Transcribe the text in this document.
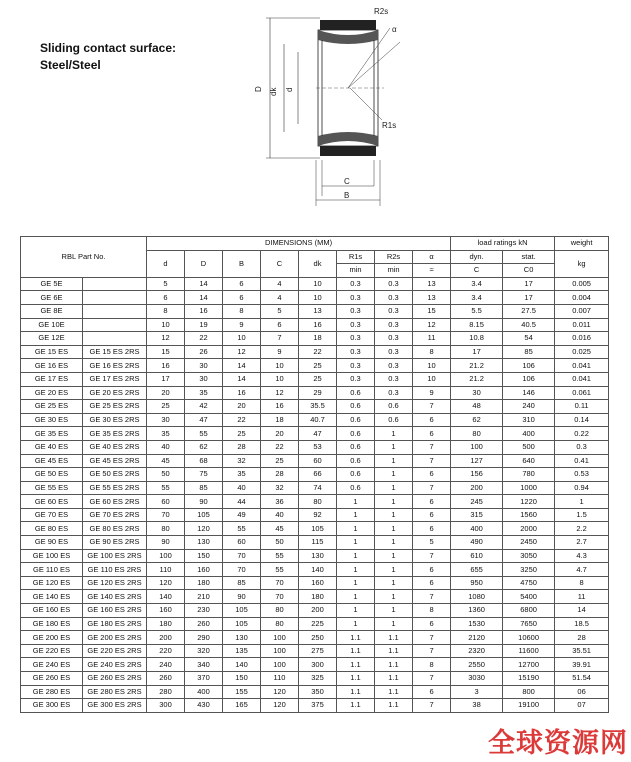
Sliding contact surface:
Steel/Steel
D dk d
C
B
R2s
R1s
α
RBL Part No.		DIMENSIONS (MM)								load ratings kN		weight
		d	D	B	C	dk	R1s	R2s	α	dyn.	stat.	kg
							min	min	≈	C	C0	
GE 5E		5	14	6	4	10	0.3	0.3	13	3.4	17	0.005
GE 6E		6	14	6	4	10	0.3	0.3	13	3.4	17	0.004
GE 8E		8	16	8	5	13	0.3	0.3	15	5.5	27.5	0.007
GE 10E		10	19	9	6	16	0.3	0.3	12	8.15	40.5	0.011
GE 12E		12	22	10	7	18	0.3	0.3	11	10.8	54	0.016
GE 15 ES	GE 15 ES 2RS	15	26	12	9	22	0.3	0.3	8	17	85	0.025
GE 16 ES	GE 16 ES 2RS	16	30	14	10	25	0.3	0.3	10	21.2	106	0.041
GE 17 ES	GE 17 ES 2RS	17	30	14	10	25	0.3	0.3	10	21.2	106	0.041
GE 20 ES	GE 20 ES 2RS	20	35	16	12	29	0.6	0.3	9	30	146	0.061
GE 25 ES	GE 25 ES 2RS	25	42	20	16	35.5	0.6	0.6	7	48	240	0.11
GE 30 ES	GE 30 ES 2RS	30	47	22	18	40.7	0.6	0.6	6	62	310	0.14
GE 35 ES	GE 35 ES 2RS	35	55	25	20	47	0.6	1	6	80	400	0.22
GE 40 ES	GE 40 ES 2RS	40	62	28	22	53	0.6	1	7	100	500	0.3
GE 45 ES	GE 45 ES 2RS	45	68	32	25	60	0.6	1	7	127	640	0.41
GE 50 ES	GE 50 ES 2RS	50	75	35	28	66	0.6	1	6	156	780	0.53
GE 55 ES	GE 55 ES 2RS	55	85	40	32	74	0.6	1	7	200	1000	0.94
GE 60 ES	GE 60 ES 2RS	60	90	44	36	80	1	1	6	245	1220	1
GE 70 ES	GE 70 ES 2RS	70	105	49	40	92	1	1	6	315	1560	1.5
GE 80 ES	GE 80 ES 2RS	80	120	55	45	105	1	1	6	400	2000	2.2
GE 90 ES	GE 90 ES 2RS	90	130	60	50	115	1	1	5	490	2450	2.7
GE 100 ES	GE 100 ES 2RS	100	150	70	55	130	1	1	7	610	3050	4.3
GE 110 ES	GE 110 ES 2RS	110	160	70	55	140	1	1	6	655	3250	4.7
GE 120 ES	GE 120 ES 2RS	120	180	85	70	160	1	1	6	950	4750	8
GE 140 ES	GE 140 ES 2RS	140	210	90	70	180	1	1	7	1080	5400	11
GE 160 ES	GE 160 ES 2RS	160	230	105	80	200	1	1	8	1360	6800	14
GE 180 ES	GE 180 ES 2RS	180	260	105	80	225	1	1	6	1530	7650	18.5
GE 200 ES	GE 200 ES 2RS	200	290	130	100	250	1.1	1.1	7	2120	10600	28
GE 220 ES	GE 220 ES 2RS	220	320	135	100	275	1.1	1.1	7	2320	11600	35.51
GE 240 ES	GE 240 ES 2RS	240	340	140	100	300	1.1	1.1	8	2550	12700	39.91
GE 260 ES	GE 260 ES 2RS	260	370	150	110	325	1.1	1.1	7	3030	15190	51.54
GE 280 ES	GE 280 ES 2RS	280	400	155	120	350	1.1	1.1	6	3	800	06
GE 300 ES	GE 300 ES 2RS	300	430	165	120	375	1.1	1.1	7	38	19100	07
全球资源网
